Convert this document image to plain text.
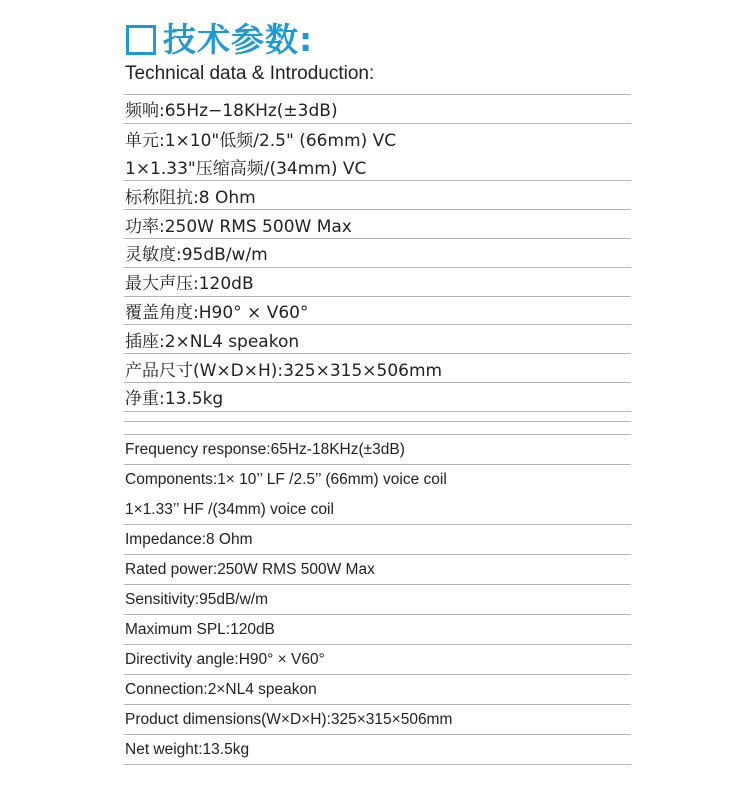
技术参数:
Technical data & Introduction:
频响:65Hz−18KHz(±3dB)
单元:1×10"低频/2.5" (66mm) VC
1×1.33"压缩高频/(34mm) VC
标称阻抗:8 Ohm
功率:250W RMS 500W Max
灵敏度:95dB/w/m
最大声压:120dB
覆盖角度:H90° × V60°
插座:2×NL4 speakon
产品尺寸(W×D×H):325×315×506mm
净重:13.5kg
Frequency response:65Hz-18KHz(±3dB)
Components:1× 10’’ LF /2.5’’ (66mm) voice coil
1×1.33’’ HF /(34mm) voice coil
Impedance:8 Ohm
Rated power:250W RMS 500W Max
Sensitivity:95dB/w/m
Maximum SPL:120dB
Directivity angle:H90° × V60°
Connection:2×NL4 speakon
Product dimensions(W×D×H):325×315×506mm
Net weight:13.5kg
